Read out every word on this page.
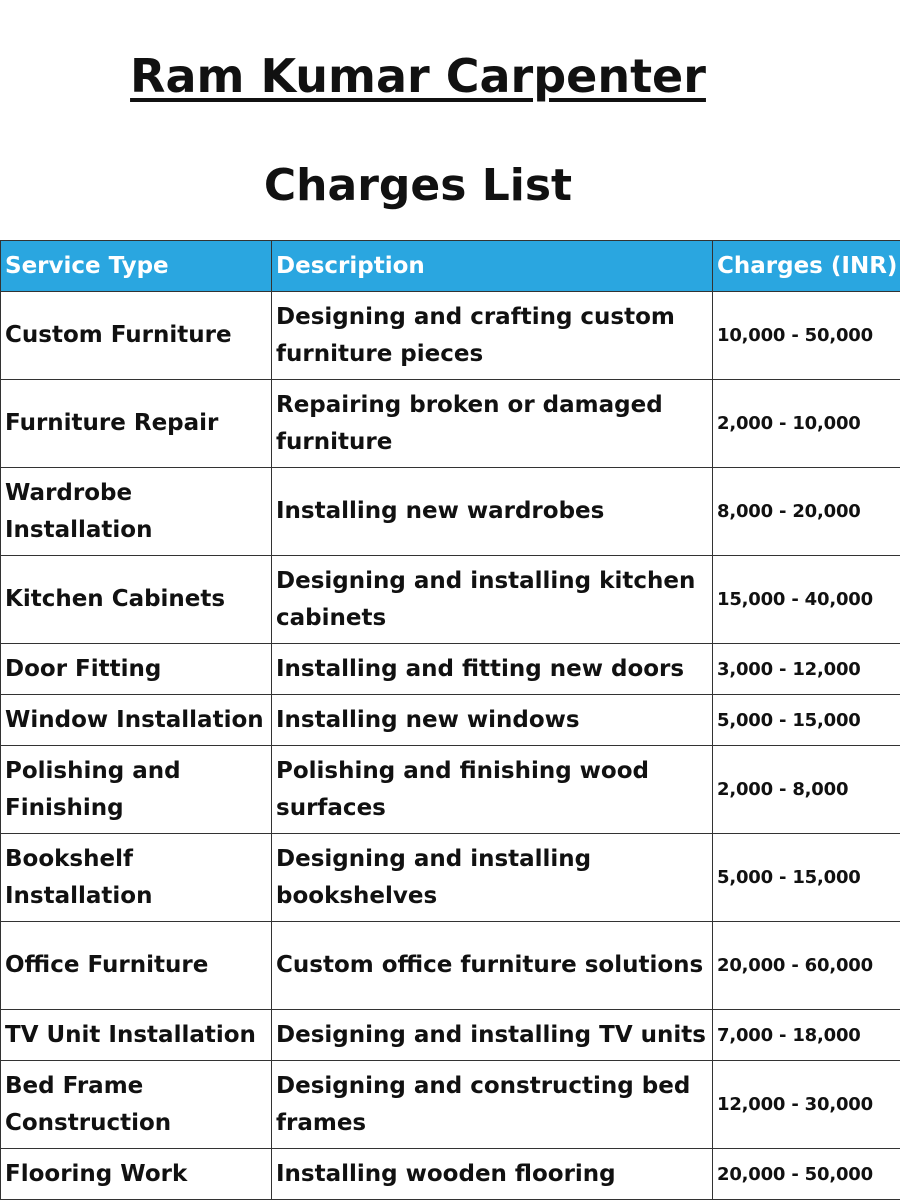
Ram Kumar Carpenter
Charges List
Service Type	Description	Charges (INR)
Custom Furniture	Designing and crafting custom furniture pieces	10,000 - 50,000
Furniture Repair	Repairing broken or damaged furniture	2,000 - 10,000
Wardrobe Installation	Installing new wardrobes	8,000 - 20,000
Kitchen Cabinets	Designing and installing kitchen cabinets	15,000 - 40,000
Door Fitting	Installing and fitting new doors	3,000 - 12,000
Window Installation	Installing new windows	5,000 - 15,000
Polishing and Finishing	Polishing and finishing wood surfaces	2,000 - 8,000
Bookshelf Installation	Designing and installing bookshelves	5,000 - 15,000
Office Furniture	Custom office furniture solutions	20,000 - 60,000
TV Unit Installation	Designing and installing TV units	7,000 - 18,000
Bed Frame Construction	Designing and constructing bed frames	12,000 - 30,000
Flooring Work	Installing wooden flooring	20,000 - 50,000
